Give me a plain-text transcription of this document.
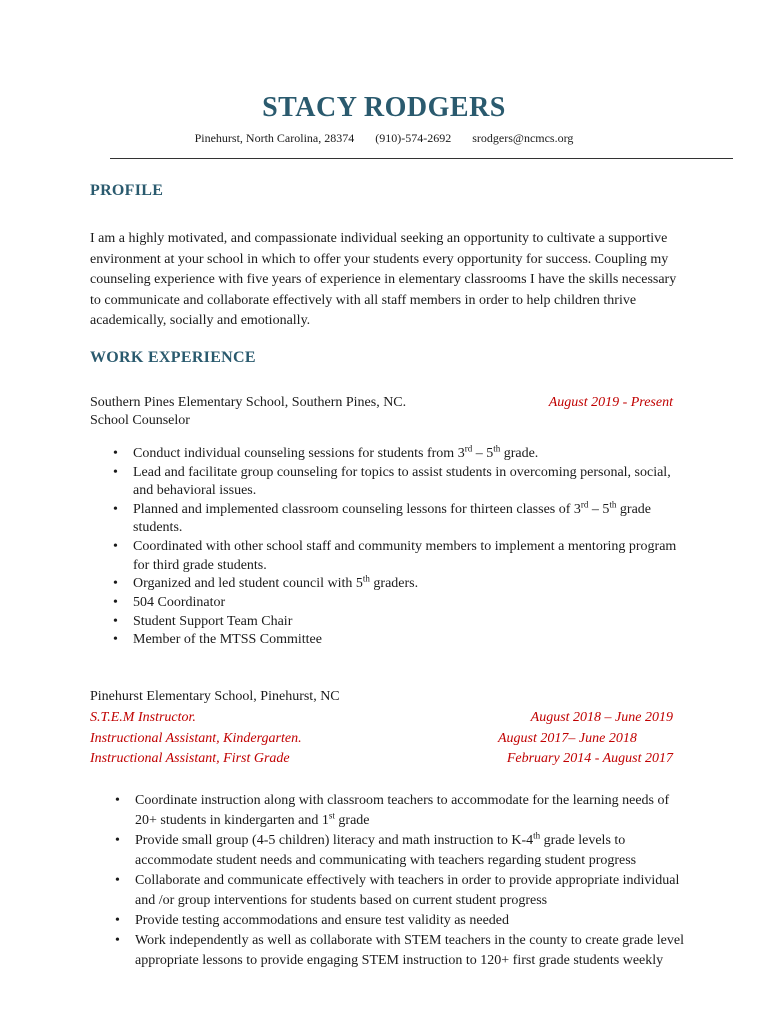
STACY RODGERS
Pinehurst, North Carolina, 28374 (910)-574-2692 srodgers@ncmcs.org
PROFILE
I am a highly motivated, and compassionate individual seeking an opportunity to cultivate a supportive environment at your school in which to offer your students every opportunity for success. Coupling my counseling experience with five years of experience in elementary classrooms I have the skills necessary to communicate and collaborate effectively with all staff members in order to help children thrive academically, socially and emotionally.
WORK EXPERIENCE
Southern Pines Elementary School, Southern Pines, NC.	August 2019 - Present
School Counselor
• Conduct individual counseling sessions for students from 3rd – 5th grade.
• Lead and facilitate group counseling for topics to assist students in overcoming personal, social, and behavioral issues.
• Planned and implemented classroom counseling lessons for thirteen classes of 3rd – 5th grade students.
• Coordinated with other school staff and community members to implement a mentoring program for third grade students.
• Organized and led student council with 5th graders.
• 504 Coordinator
• Student Support Team Chair
• Member of the MTSS Committee
Pinehurst Elementary School, Pinehurst, NC
S.T.E.M Instructor.	August 2018 – June 2019
Instructional Assistant, Kindergarten.	August 2017– June 2018
Instructional Assistant, First Grade	February 2014 - August 2017
• Coordinate instruction along with classroom teachers to accommodate for the learning needs of 20+ students in kindergarten and 1st grade
• Provide small group (4-5 children) literacy and math instruction to K-4th grade levels to accommodate student needs and communicating with teachers regarding student progress
• Collaborate and communicate effectively with teachers in order to provide appropriate individual and /or group interventions for students based on current student progress
• Provide testing accommodations and ensure test validity as needed
• Work independently as well as collaborate with STEM teachers in the county to create grade level appropriate lessons to provide engaging STEM instruction to 120+ first grade students weekly
